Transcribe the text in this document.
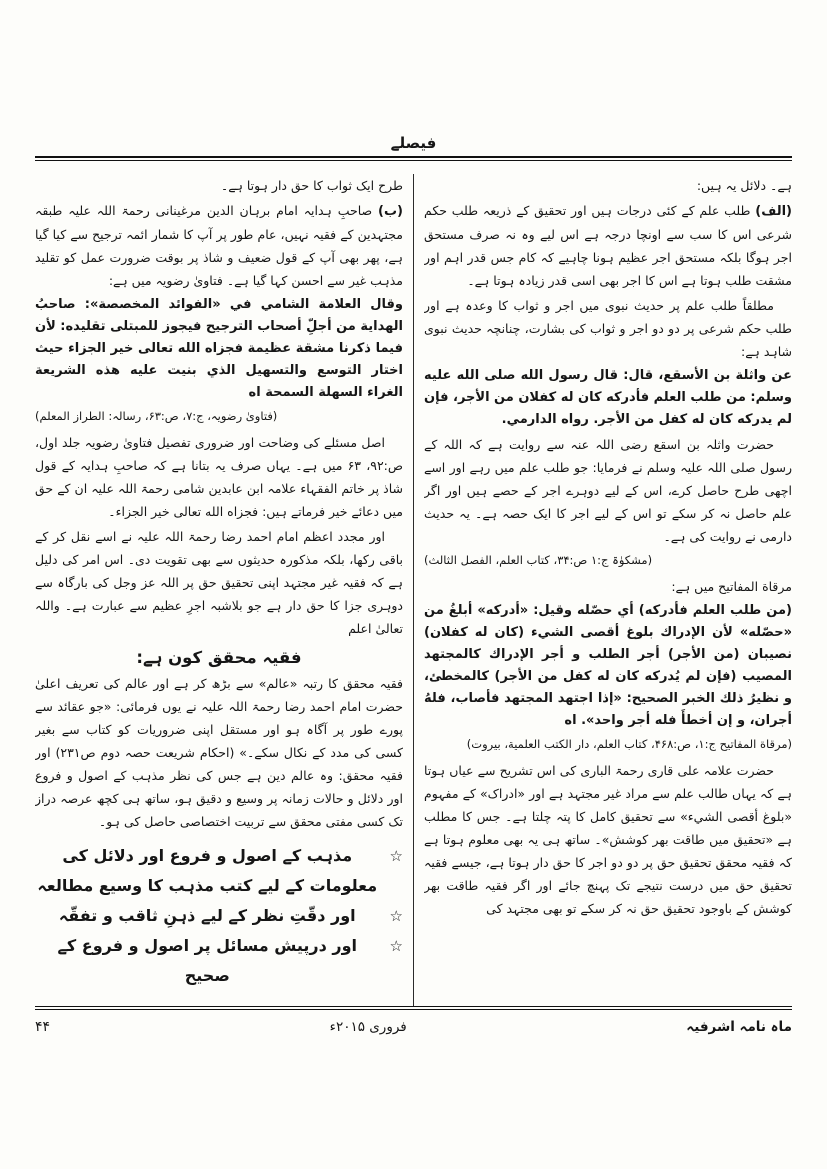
فیصلے

ہے۔ دلائل یہ ہیں:

(الف) طلب علم کے کئی درجات ہیں اور تحقیق کے ذریعہ طلب حکم شرعی اس کا سب سے اونچا درجہ ہے اس لیے وہ نہ صرف مستحق اجر ہوگا بلکہ مستحق اجر عظیم ہونا چاہیے کہ کام جس قدر اہم اور مشقت طلب ہوتا ہے اس کا اجر بھی اسی قدر زیادہ ہوتا ہے۔

مطلقاً طلب علم پر حدیث نبوی میں اجر و ثواب کا وعدہ ہے اور طلب حکم شرعی پر دو دو اجر و ثواب کی بشارت، چنانچہ حدیث نبوی شاہد ہے:

عن واثلة بن الأسقع، قال: قال رسول الله صلى الله عليه وسلم: من طلب العلم فأدركه كان له كفلان من الأجر، فإن لم يدركه كان له كفل من الأجر. رواه الدارمي.

حضرت واثلہ بن اسقع رضی اللہ عنہ سے روایت ہے کہ اللہ کے رسول صلی اللہ علیہ وسلم نے فرمایا: جو طلب علم میں رہے اور اسے اچھی طرح حاصل کرے، اس کے لیے دوہرے اجر کے حصے ہیں اور اگر علم حاصل نہ کر سکے تو اس کے لیے اجر کا ایک حصہ ہے۔ یہ حدیث دارمی نے روایت کی ہے۔

(مشکوٰۃ ج:۱ ص:۳۴، کتاب العلم، الفصل الثالث)

مرقاة المفاتيح میں ہے:

(من طلب العلم فأدركه) أي حصّله وقيل: «أدركه» أبلغُ من «حصّله» لأن الإدراك بلوغ أقصى الشيء (كان له كفلان) نصيبان (من الأجر) أجر الطلب و أجر الإدراك كالمجتهد المصيب (فإن لم يُدركه كان له كفل من الأجر) كالمخطئ، و نظيرُ ذلك الخبر الصحيح: «إذا اجتهد المجتهد فأصاب، فلهُ أجران، و إن أخطأَ فله أجر واحد». اه

(مرقاة المفاتيح ج:۱، ص:۴۶۸، كتاب العلم، دار الكتب العلمية، بيروت)

حضرت علامہ علی قاری رحمۃ الباری کی اس تشریح سے عیاں ہوتا ہے کہ یہاں طالب علم سے مراد غیر مجتہد ہے اور «ادراک» کے مفہوم «بلوغ أقصى الشيء» سے تحقیق کامل کا پتہ چلتا ہے۔ جس کا مطلب ہے «تحقیق میں طاقت بھر کوشش»۔ ساتھ ہی یہ بھی معلوم ہوتا ہے کہ فقیہ محقق تحقیق حق پر دو دو اجر کا حق دار ہوتا ہے، جیسے فقیہ تحقیق حق میں درست نتیجے تک پہنچ جائے اور اگر فقیہ طاقت بھر کوشش کے باوجود تحقیق حق نہ کر سکے تو بھی مجتہد کی

طرح ایک ثواب کا حق دار ہوتا ہے۔

(ب) صاحبِ ہدایہ امام برہان الدین مرغینانی رحمۃ اللہ علیہ طبقہ مجتہدین کے فقیہ نہیں، عام طور پر آپ کا شمار ائمہ ترجیح سے کیا گیا ہے، پھر بھی آپ کے قول ضعیف و شاذ پر بوقت ضرورت عمل کو تقلید مذہب غیر سے احسن کہا گیا ہے۔ فتاویٰ رضویہ میں ہے:

وقال العلامة الشامي في «الفوائد المخصصة»: صاحبُ الهداية من أجلِّ أصحاب الترجيح فيجوز للمبتلى تقليده: لأن فيما ذكرنا مشقة عظيمة فجزاه الله تعالى خير الجزاء حيث اختار التوسع والتسهيل الذي بنيت عليه هذه الشريعة الغراء السهلة السمحة اه

(فتاویٰ رضویہ، ج:۷، ص:۶۳، رسالہ: الطراز المعلم)

اصل مسئلے کی وضاحت اور ضروری تفصیل فتاویٰ رضویہ جلد اول، ص:۹۲، ۶۳ میں ہے۔ یہاں صرف یہ بتانا ہے کہ صاحبِ ہدایہ کے قول شاذ پر خاتم الفقہاء علامہ ابن عابدین شامی رحمۃ اللہ علیہ ان کے حق میں دعائے خیر فرماتے ہیں: فجزاه الله تعالى خير الجزاء۔

اور مجدد اعظم امام احمد رضا رحمۃ اللہ علیہ نے اسے نقل کر کے باقی رکھا، بلکہ مذکورہ حدیثوں سے بھی تقویت دی۔ اس امر کی دلیل ہے کہ فقیہ غیر مجتہد اپنی تحقیق حق پر اللہ عز وجل کی بارگاہ سے دوہری جزا کا حق دار ہے جو بلاشبہ اجرِ عظیم سے عبارت ہے۔ واللہ تعالیٰ اعلم

فقیہ محقق کون ہے:

فقیہ محقق کا رتبہ «عالم» سے بڑھ کر ہے اور عالم کی تعریف اعلیٰ حضرت امام احمد رضا رحمۃ اللہ علیہ نے یوں فرمائی: «جو عقائد سے پورے طور پر آگاہ ہو اور مستقل اپنی ضروریات کو کتاب سے بغیر کسی کی مدد کے نکال سکے۔» (احکام شریعت حصہ دوم ص۲۳۱) اور فقیہ محقق: وہ عالم دین ہے جس کی نظر مذہب کے اصول و فروع اور دلائل و حالات زمانہ پر وسیع و دقیق ہو، ساتھ ہی کچھ عرصہ دراز تک کسی مفتی محقق سے تربیت اختصاصی حاصل کی ہو۔

☆
مذہب کے اصول و فروع اور دلائل کی معلومات کے لیے کتب مذہب کا وسیع مطالعہ
☆
اور دقّتِ نظر کے لیے ذہنِ ثاقب و تفقّہ
☆
اور درپیش مسائل پر اصول و فروع کے صحیح
ماہ نامہ اشرفیہ
فروری ۲۰۱۵ء
۴۴
